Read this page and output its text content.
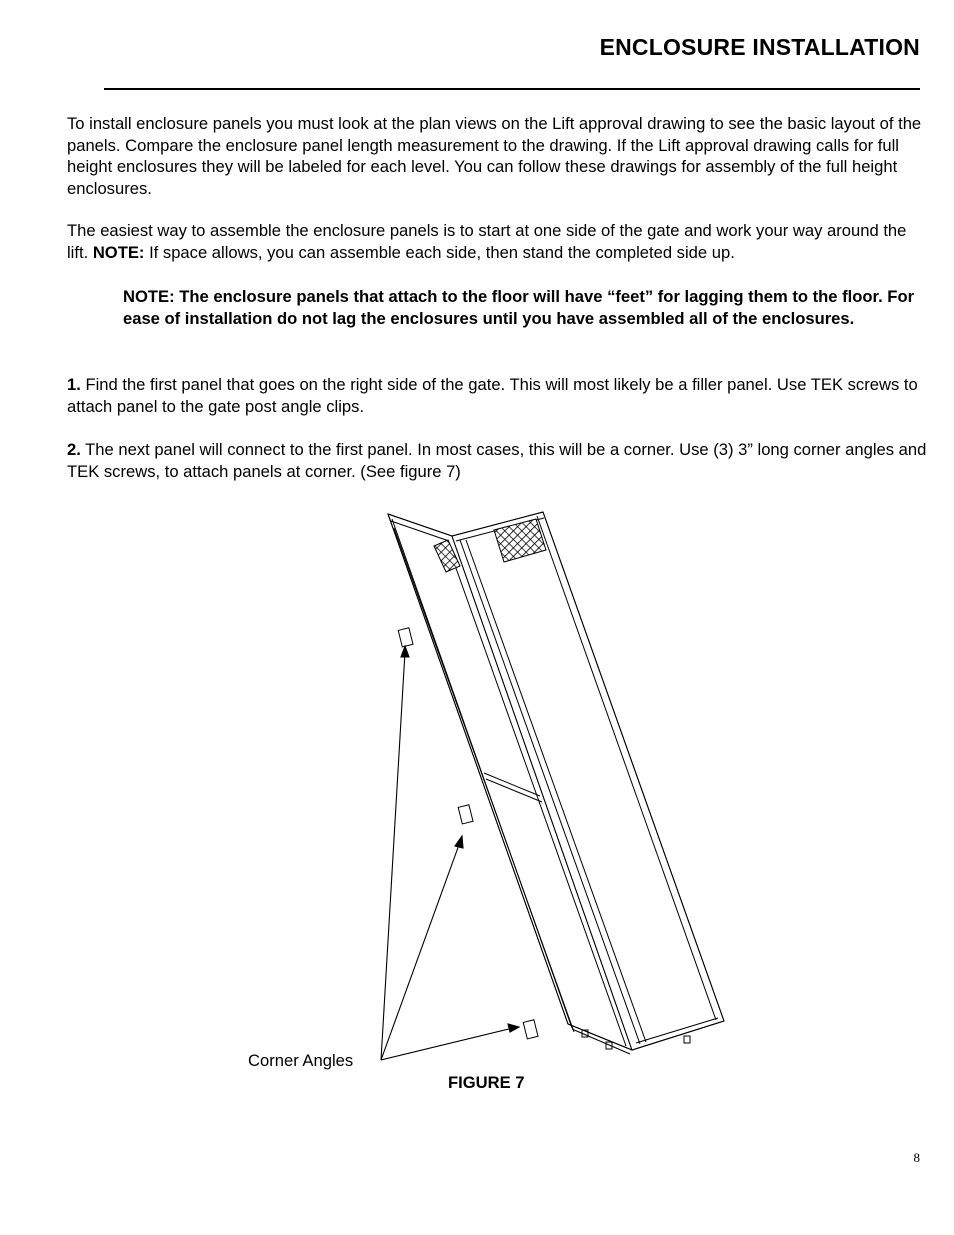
ENCLOSURE INSTALLATION
To install enclosure panels you must look at the plan views on the Lift approval drawing to see the basic layout of the panels. Compare the enclosure panel length measurement to the drawing. If the Lift approval drawing calls for full height enclosures they will be labeled for each level. You can follow these drawings for assembly of the full height enclosures.
The easiest way to assemble the enclosure panels is to start at one side of the gate and work your way around the lift. NOTE: If space allows, you can assemble each side, then stand the completed side up.
NOTE: The enclosure panels that attach to the floor will have “feet” for lagging them to the floor. For ease of installation do not lag the enclosures until you have assembled all of the enclosures.
1. Find the first panel that goes on the right side of the gate. This will most likely be a filler panel. Use TEK screws to attach panel to the gate post angle clips.
2. The next panel will connect to the first panel. In most cases, this will be a corner. Use (3) 3” long corner angles and TEK screws, to attach panels at corner. (See figure 7)
Corner Angles
FIGURE 7
8
